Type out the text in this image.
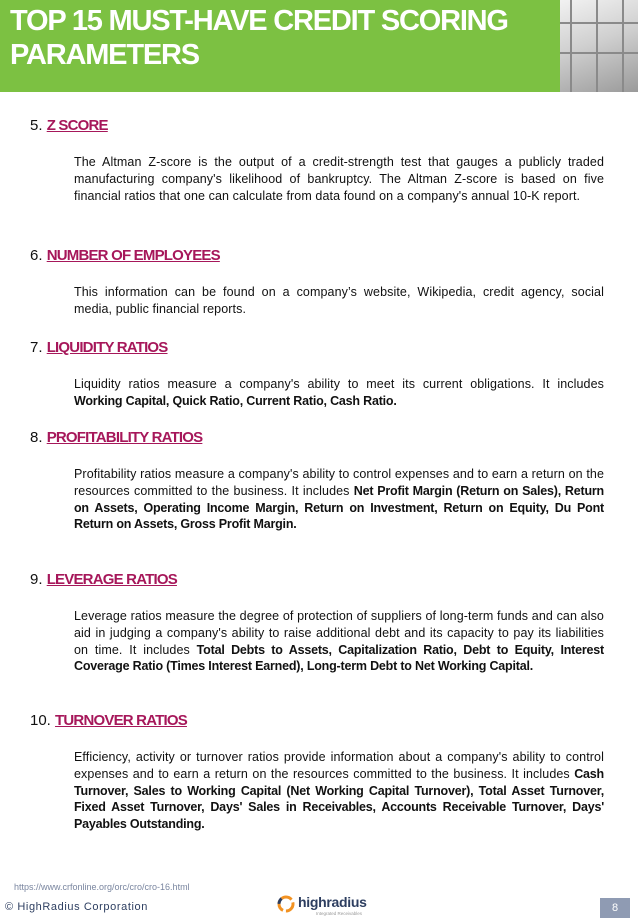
TOP 15 MUST-HAVE CREDIT SCORING PARAMETERS
5. Z SCORE
The Altman Z-score is the output of a credit-strength test that gauges a publicly traded manufacturing company's likelihood of bankruptcy. The Altman Z-score is based on five financial ratios that one can calculate from data found on a company's annual 10-K report.
6. NUMBER OF EMPLOYEES
This information can be found on a company’s website, Wikipedia, credit agency, social media, public financial reports.
7. LIQUIDITY RATIOS
Liquidity ratios measure a company's ability to meet its current obligations. It includes Working Capital, Quick Ratio, Current Ratio, Cash Ratio.
8. PROFITABILITY RATIOS
Profitability ratios measure a company's ability to control expenses and to earn a return on the resources committed to the business. It includes Net Profit Margin (Return on Sales), Return on Assets, Operating Income Margin, Return on Investment, Return on Equity, Du Pont Return on Assets, Gross Profit Margin.
9. LEVERAGE RATIOS
Leverage ratios measure the degree of protection of suppliers of long-term funds and can also aid in judging a company's ability to raise additional debt and its capacity to pay its liabilities on time. It includes Total Debts to Assets, Capitalization Ratio, Debt to Equity, Interest Coverage Ratio (Times Interest Earned), Long-term Debt to Net Working Capital.
10. TURNOVER RATIOS
Efficiency, activity or turnover ratios provide information about a company's ability to control expenses and to earn a return on the resources committed to the business. It includes Cash Turnover, Sales to Working Capital (Net Working Capital Turnover), Total Asset Turnover, Fixed Asset Turnover, Days' Sales in Receivables, Accounts Receivable Turnover, Days' Payables Outstanding.
https://www.crfonline.org/orc/cro/cro-16.html
© HighRadius Corporation	highradius
Integrated Receivables	8
